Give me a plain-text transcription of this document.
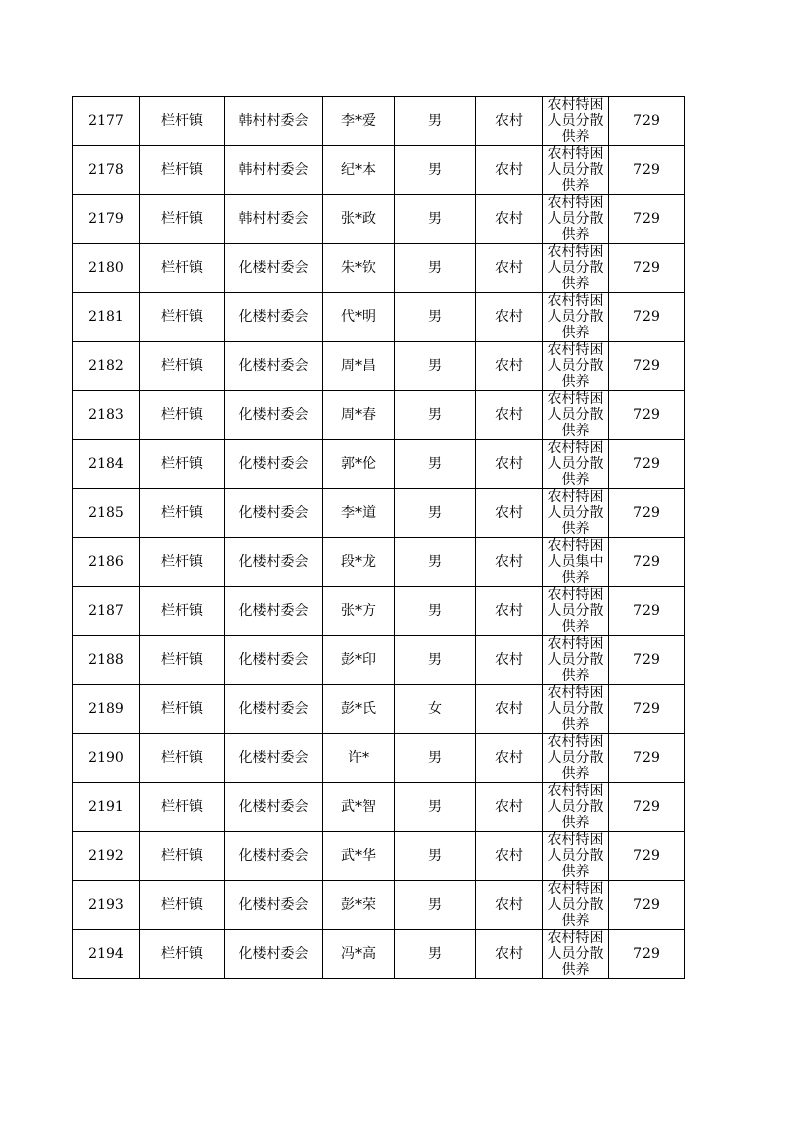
2177	栏杆镇	韩村村委会	李*爱	男	农村	农村特困
人员分散
供养	729
2178	栏杆镇	韩村村委会	纪*本	男	农村	农村特困
人员分散
供养	729
2179	栏杆镇	韩村村委会	张*政	男	农村	农村特困
人员分散
供养	729
2180	栏杆镇	化楼村委会	朱*钦	男	农村	农村特困
人员分散
供养	729
2181	栏杆镇	化楼村委会	代*明	男	农村	农村特困
人员分散
供养	729
2182	栏杆镇	化楼村委会	周*昌	男	农村	农村特困
人员分散
供养	729
2183	栏杆镇	化楼村委会	周*春	男	农村	农村特困
人员分散
供养	729
2184	栏杆镇	化楼村委会	郭*伦	男	农村	农村特困
人员分散
供养	729
2185	栏杆镇	化楼村委会	李*道	男	农村	农村特困
人员分散
供养	729
2186	栏杆镇	化楼村委会	段*龙	男	农村	农村特困
人员集中
供养	729
2187	栏杆镇	化楼村委会	张*方	男	农村	农村特困
人员分散
供养	729
2188	栏杆镇	化楼村委会	彭*印	男	农村	农村特困
人员分散
供养	729
2189	栏杆镇	化楼村委会	彭*氏	女	农村	农村特困
人员分散
供养	729
2190	栏杆镇	化楼村委会	许*	男	农村	农村特困
人员分散
供养	729
2191	栏杆镇	化楼村委会	武*智	男	农村	农村特困
人员分散
供养	729
2192	栏杆镇	化楼村委会	武*华	男	农村	农村特困
人员分散
供养	729
2193	栏杆镇	化楼村委会	彭*荣	男	农村	农村特困
人员分散
供养	729
2194	栏杆镇	化楼村委会	冯*高	男	农村	农村特困
人员分散
供养	729
